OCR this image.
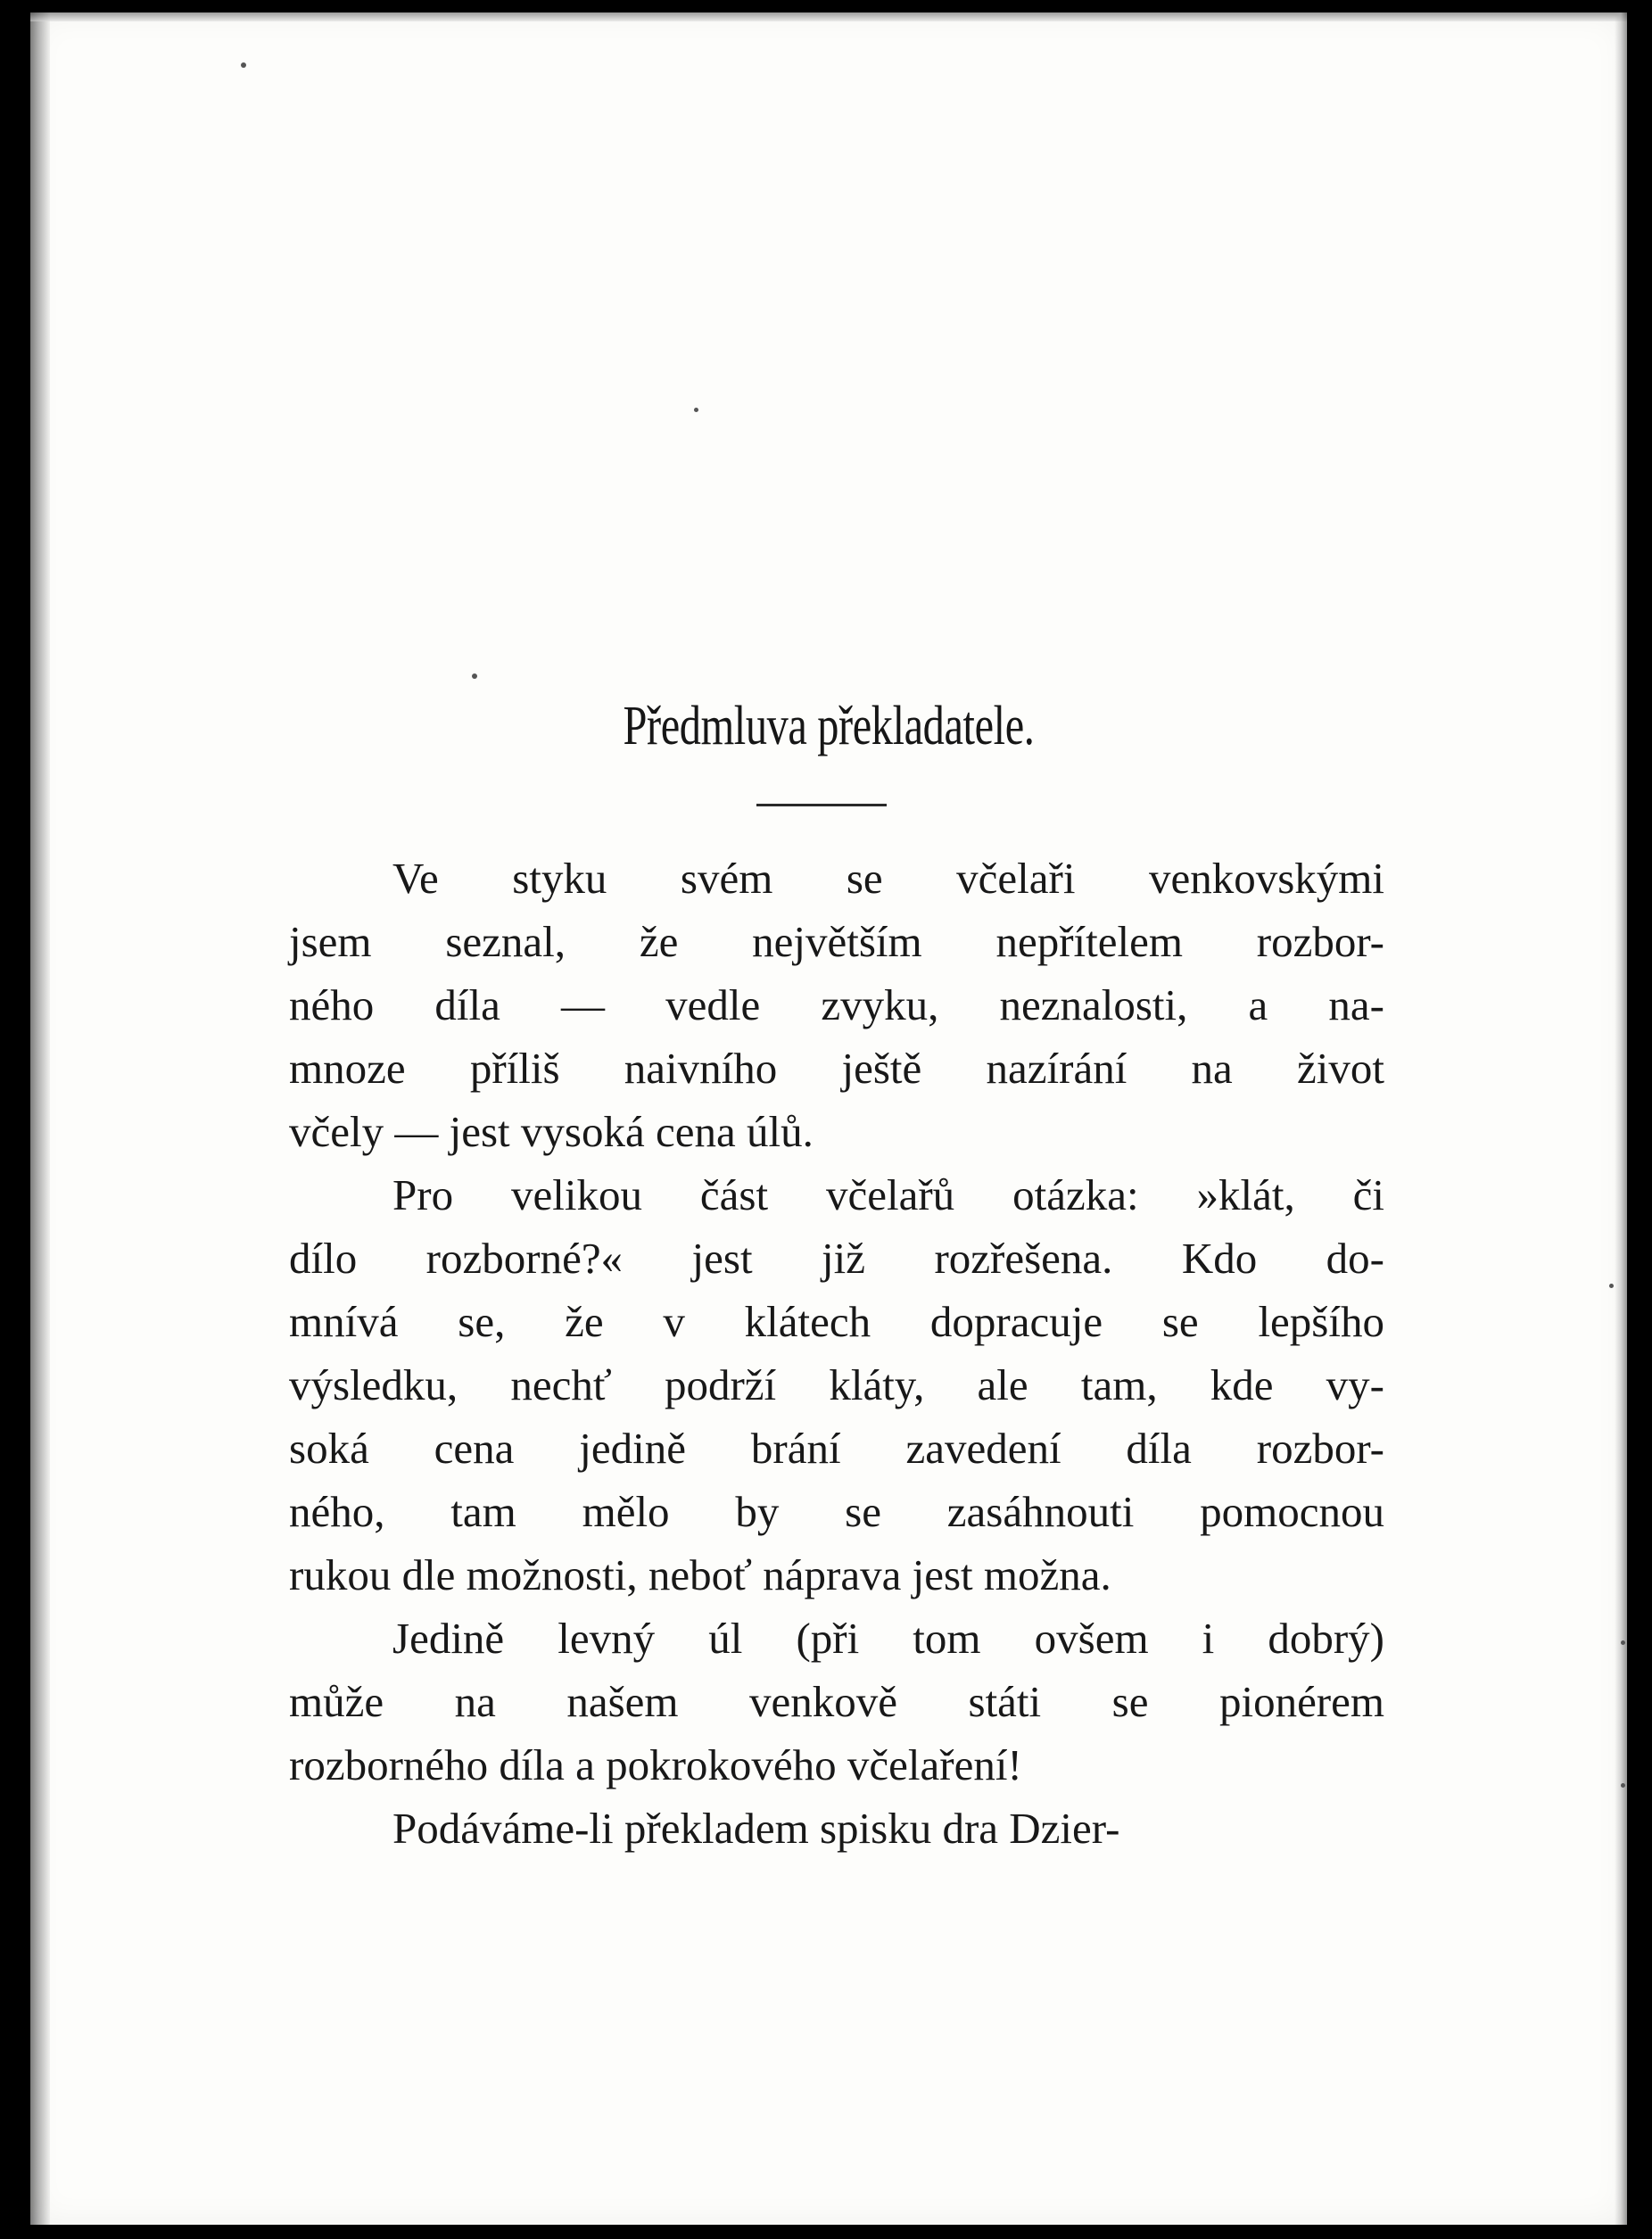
Předmluva překladatele.
Ve styku svém se včelaři venkovskými
jsem seznal, že největším nepřítelem rozbor-
ného díla — vedle zvyku, neznalosti, a na-
mnoze příliš naivního ještě nazírání na život
včely — jest vysoká cena úlů.
Pro velikou část včelařů otázka: »klát, či
dílo rozborné?« jest již rozřešena. Kdo do-
mnívá se, že v klátech dopracuje se lepšího
výsledku, nechť podrží kláty, ale tam, kde vy-
soká cena jedině brání zavedení díla rozbor-
ného, tam mělo by se zasáhnouti pomocnou
rukou dle možnosti, neboť náprava jest možna.
Jedině levný úl (při tom ovšem i dobrý)
může na našem venkově státi se pionérem
rozborného díla a pokrokového včelaření!
Podáváme-li překladem spisku dra Dzier-
